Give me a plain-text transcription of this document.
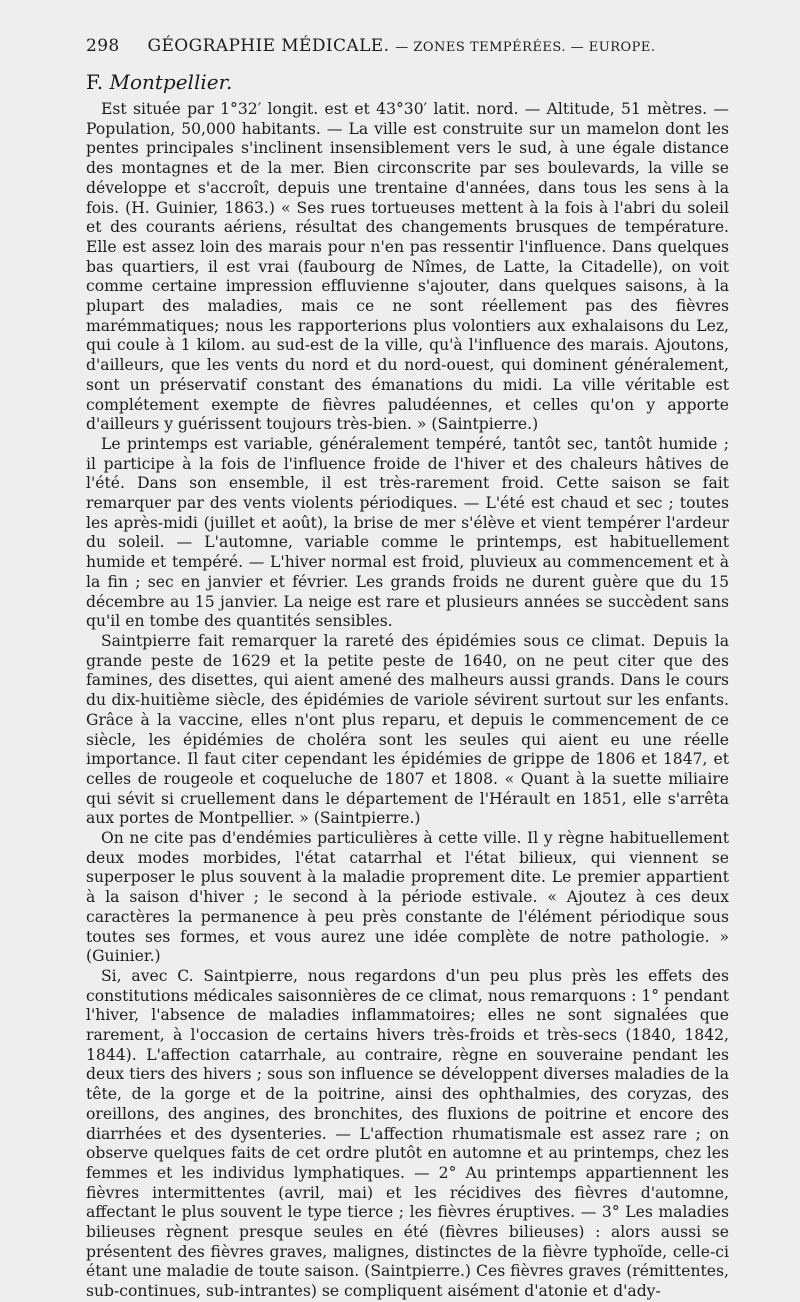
298 GÉOGRAPHIE MÉDICALE. — ZONES TEMPÉRÉES. — EUROPE.
F. Montpellier.

Est située par 1°32′ longit. est et 43°30′ latit. nord. — Altitude, 51 mètres. — Population, 50,000 habitants. — La ville est construite sur un mamelon dont les pentes principales s'inclinent insensiblement vers le sud, à une égale distance des montagnes et de la mer. Bien circonscrite par ses boulevards, la ville se développe et s'accroît, depuis une trentaine d'années, dans tous les sens à la fois. (H. Guinier, 1863.) « Ses rues tortueuses mettent à la fois à l'abri du soleil et des courants aériens, résultat des changements brusques de température. Elle est assez loin des marais pour n'en pas ressentir l'influence. Dans quelques bas quartiers, il est vrai (faubourg de Nîmes, de Latte, la Citadelle), on voit comme certaine impression effluvienne s'ajouter, dans quelques saisons, à la plupart des maladies, mais ce ne sont réellement pas des fièvres marémmatiques; nous les rapporterions plus volontiers aux exhalaisons du Lez, qui coule à 1 kilom. au sud-est de la ville, qu'à l'influence des marais. Ajoutons, d'ailleurs, que les vents du nord et du nord-ouest, qui dominent généralement, sont un préservatif constant des émanations du midi. La ville véritable est complétement exempte de fièvres paludéennes, et celles qu'on y apporte d'ailleurs y guérissent toujours très-bien. » (Saintpierre.)

Le printemps est variable, généralement tempéré, tantôt sec, tantôt humide ; il participe à la fois de l'influence froide de l'hiver et des chaleurs hâtives de l'été. Dans son ensemble, il est très-rarement froid. Cette saison se fait remarquer par des vents violents périodiques. — L'été est chaud et sec ; toutes les après-midi (juillet et août), la brise de mer s'élève et vient tempérer l'ardeur du soleil. — L'automne, variable comme le printemps, est habituellement humide et tempéré. — L'hiver normal est froid, pluvieux au commencement et à la fin ; sec en janvier et février. Les grands froids ne durent guère que du 15 décembre au 15 janvier. La neige est rare et plusieurs années se succèdent sans qu'il en tombe des quantités sensibles.

Saintpierre fait remarquer la rareté des épidémies sous ce climat. Depuis la grande peste de 1629 et la petite peste de 1640, on ne peut citer que des famines, des disettes, qui aient amené des malheurs aussi grands. Dans le cours du dix-huitième siècle, des épidémies de variole sévirent surtout sur les enfants. Grâce à la vaccine, elles n'ont plus reparu, et depuis le commencement de ce siècle, les épidémies de choléra sont les seules qui aient eu une réelle importance. Il faut citer cependant les épidémies de grippe de 1806 et 1847, et celles de rougeole et coqueluche de 1807 et 1808. « Quant à la suette miliaire qui sévit si cruellement dans le département de l'Hérault en 1851, elle s'arrêta aux portes de Montpellier. » (Saintpierre.)

On ne cite pas d'endémies particulières à cette ville. Il y règne habituellement deux modes morbides, l'état catarrhal et l'état bilieux, qui viennent se superposer le plus souvent à la maladie proprement dite. Le premier appartient à la saison d'hiver ; le second à la période estivale. « Ajoutez à ces deux caractères la permanence à peu près constante de l'élément périodique sous toutes ses formes, et vous aurez une idée complète de notre pathologie. » (Guinier.)

Si, avec C. Saintpierre, nous regardons d'un peu plus près les effets des constitutions médicales saisonnières de ce climat, nous remarquons : 1° pendant l'hiver, l'absence de maladies inflammatoires; elles ne sont signalées que rarement, à l'occasion de certains hivers très-froids et très-secs (1840, 1842, 1844). L'affection catarrhale, au contraire, règne en souveraine pendant les deux tiers des hivers ; sous son influence se développent diverses maladies de la tête, de la gorge et de la poitrine, ainsi des ophthalmies, des coryzas, des oreillons, des angines, des bronchites, des fluxions de poitrine et encore des diarrhées et des dysenteries. — L'affection rhumatismale est assez rare ; on observe quelques faits de cet ordre plutôt en automne et au printemps, chez les femmes et les individus lymphatiques. — 2° Au printemps appartiennent les fièvres intermittentes (avril, mai) et les récidives des fièvres d'automne, affectant le plus souvent le type tierce ; les fièvres éruptives. — 3° Les maladies bilieuses règnent presque seules en été (fièvres bilieuses) : alors aussi se présentent des fièvres graves, malignes, distinctes de la fièvre typhoïde, celle-ci étant une maladie de toute saison. (Saintpierre.) Ces fièvres graves (rémittentes, sub-continues, sub-intrantes) se compliquent aisément d'atonie et d'ady-
